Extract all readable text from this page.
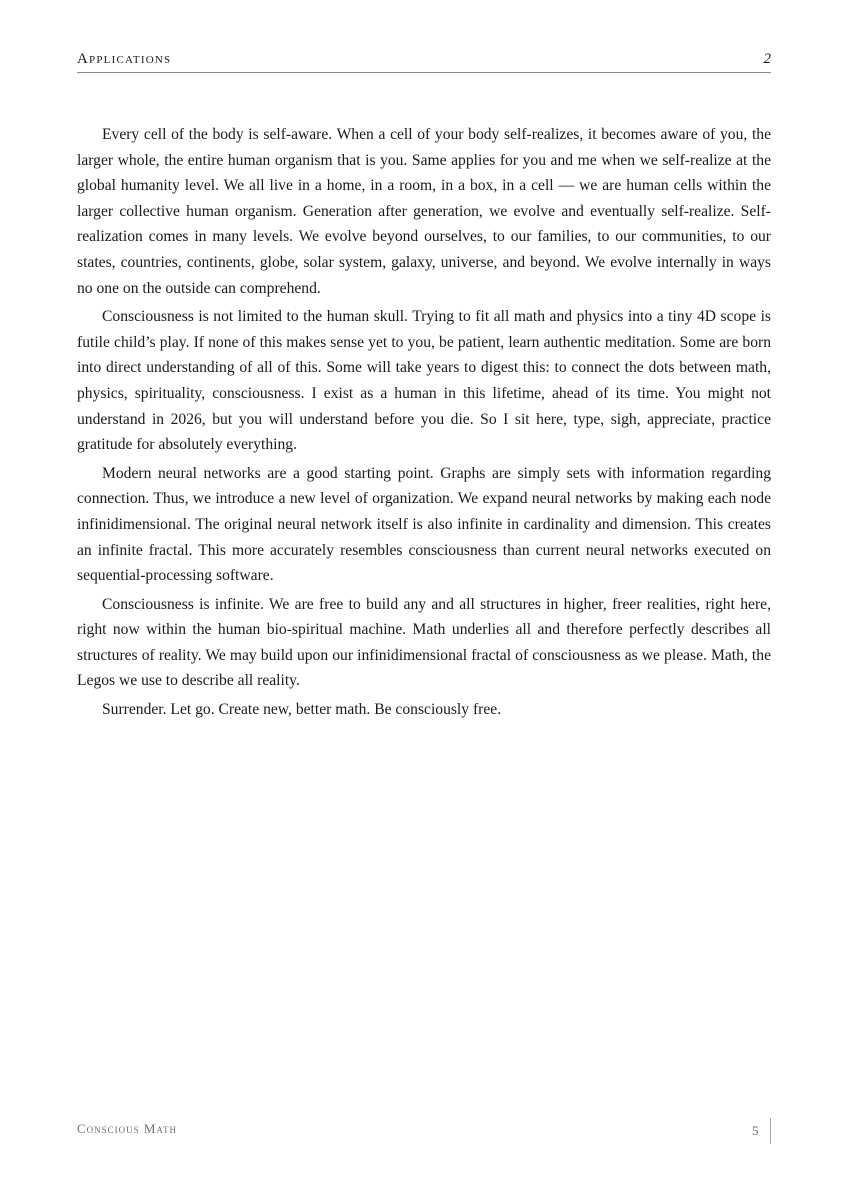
Applications	2

Every cell of the body is self-aware. When a cell of your body self-realizes, it becomes aware of you, the larger whole, the entire human organism that is you. Same applies for you and me when we self-realize at the global humanity level. We all live in a home, in a room, in a box, in a cell — we are human cells within the larger collective human organism. Generation after generation, we evolve and eventually self-realize. Self-realization comes in many levels. We evolve beyond ourselves, to our families, to our communities, to our states, countries, continents, globe, solar system, galaxy, universe, and beyond. We evolve internally in ways no one on the outside can comprehend.

Consciousness is not limited to the human skull. Trying to fit all math and physics into a tiny 4D scope is futile child’s play. If none of this makes sense yet to you, be patient, learn authentic meditation. Some are born into direct understanding of all of this. Some will take years to digest this: to connect the dots between math, physics, spirituality, consciousness. I exist as a human in this lifetime, ahead of its time. You might not understand in 2026, but you will understand before you die. So I sit here, type, sigh, appreciate, practice gratitude for absolutely everything.

Modern neural networks are a good starting point. Graphs are simply sets with information regarding connection. Thus, we introduce a new level of organization. We expand neural networks by making each node infinidimensional. The original neural network itself is also infinite in cardinality and dimension. This creates an infinite fractal. This more accurately resembles consciousness than current neural networks executed on sequential-processing software.

Consciousness is infinite. We are free to build any and all structures in higher, freer realities, right here, right now within the human bio-spiritual machine. Math underlies all and therefore perfectly describes all structures of reality. We may build upon our infinidimensional fractal of consciousness as we please. Math, the Legos we use to describe all reality.

Surrender. Let go. Create new, better math. Be consciously free.

Conscious Math	5
